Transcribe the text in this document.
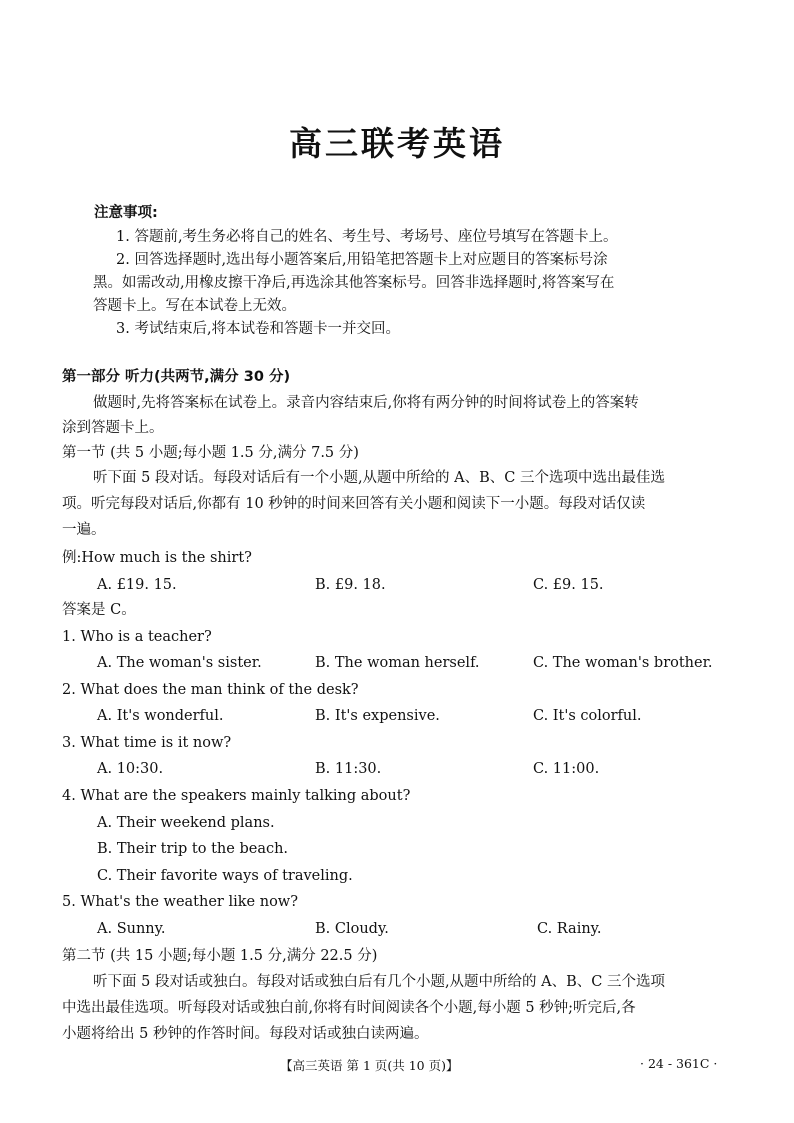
高三联考英语
注意事项:
1. 答题前,考生务必将自己的姓名、考生号、考场号、座位号填写在答题卡上。
2. 回答选择题时,选出每小题答案后,用铅笔把答题卡上对应题目的答案标号涂
黑。如需改动,用橡皮擦干净后,再选涂其他答案标号。回答非选择题时,将答案写在
答题卡上。写在本试卷上无效。
3. 考试结束后,将本试卷和答题卡一并交回。
第一部分 听力(共两节,满分 30 分)
做题时,先将答案标在试卷上。录音内容结束后,你将有两分钟的时间将试卷上的答案转
涂到答题卡上。
第一节 (共 5 小题;每小题 1.5 分,满分 7.5 分)
听下面 5 段对话。每段对话后有一个小题,从题中所给的 A、B、C 三个选项中选出最佳选
项。听完每段对话后,你都有 10 秒钟的时间来回答有关小题和阅读下一小题。每段对话仅读
一遍。
例:How much is the shirt?
A. £19. 15.	B. £9. 18.	C. £9. 15.
答案是 C。
1. Who is a teacher?
A. The woman's sister.	B. The woman herself.	C. The woman's brother.
2. What does the man think of the desk?
A. It's wonderful.	B. It's expensive.	C. It's colorful.
3. What time is it now?
A. 10:30.	B. 11:30.	C. 11:00.
4. What are the speakers mainly talking about?
A. Their weekend plans.
B. Their trip to the beach.
C. Their favorite ways of traveling.
5. What's the weather like now?
A. Sunny.	B. Cloudy.	C. Rainy.
第二节 (共 15 小题;每小题 1.5 分,满分 22.5 分)
听下面 5 段对话或独白。每段对话或独白后有几个小题,从题中所给的 A、B、C 三个选项
中选出最佳选项。听每段对话或独白前,你将有时间阅读各个小题,每小题 5 秒钟;听完后,各
小题将给出 5 秒钟的作答时间。每段对话或独白读两遍。
【高三英语 第 1 页(共 10 页)】	· 24 - 361C ·
